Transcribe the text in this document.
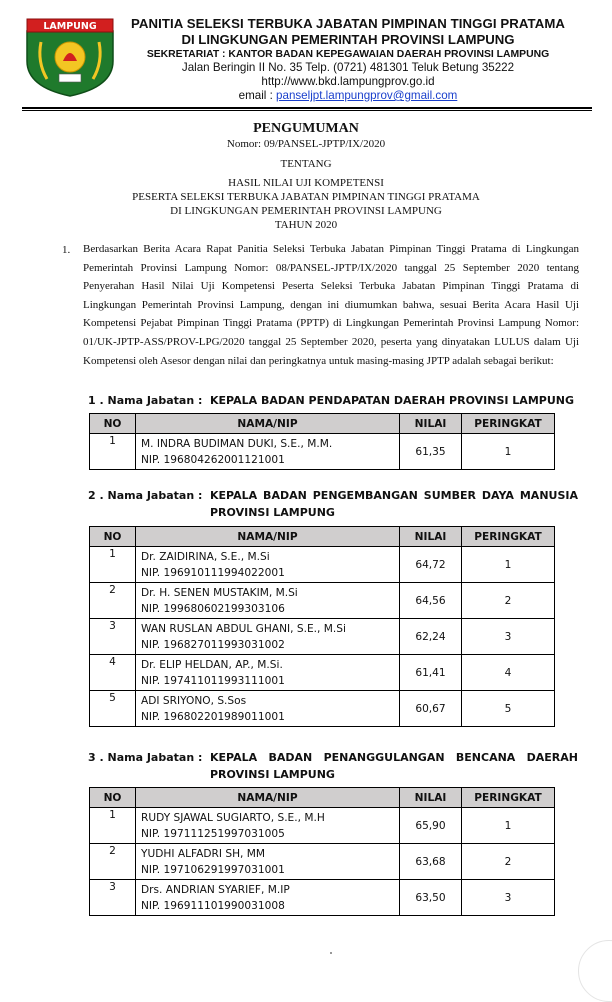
LAMPUNG	PANITIA SELEKSI TERBUKA JABATAN PIMPINAN TINGGI PRATAMA
DI LINGKUNGAN PEMERINTAH PROVINSI LAMPUNG
SEKRETARIAT : KANTOR BADAN KEPEGAWAIAN DAERAH PROVINSI LAMPUNG
Jalan Beringin II No. 35 Telp. (0721) 481301 Teluk Betung 35222
http://www.bkd.lampungprov.go.id
email : panseljpt.lampungprov@gmail.com
PENGUMUMAN
Nomor: 09/PANSEL-JPTP/IX/2020
TENTANG
HASIL NILAI UJI KOMPETENSI
PESERTA SELEKSI TERBUKA JABATAN PIMPINAN TINGGI PRATAMA
DI LINGKUNGAN PEMERINTAH PROVINSI LAMPUNG
TAHUN 2020
1. Berdasarkan Berita Acara Rapat Panitia Seleksi Terbuka Jabatan Pimpinan Tinggi Pratama di Lingkungan Pemerintah Provinsi Lampung Nomor: 08/PANSEL-JPTP/IX/2020 tanggal 25 September 2020 tentang Penyerahan Hasil Nilai Uji Kompetensi Peserta Seleksi Terbuka Jabatan Pimpinan Tinggi Pratama di Lingkungan Pemerintah Provinsi Lampung, dengan ini diumumkan bahwa, sesuai Berita Acara Hasil Uji Kompetensi Pejabat Pimpinan Tinggi Pratama (PPTP) di Lingkungan Pemerintah Provinsi Lampung Nomor: 01/UK-JPTP-ASS/PROV-LPG/2020 tanggal 25 September 2020, peserta yang dinyatakan LULUS dalam Uji Kompetensi oleh Asesor dengan nilai dan peringkatnya untuk masing-masing JPTP adalah sebagai berikut:
1 . Nama Jabatan : KEPALA BADAN PENDAPATAN DAERAH PROVINSI LAMPUNG
NO	NAMA/NIP	NILAI	PERINGKAT
1	M. INDRA BUDIMAN DUKI, S.E., M.M.
NIP. 196804262001121001	61,35	1
2 . Nama Jabatan : KEPALA BADAN PENGEMBANGAN SUMBER DAYA MANUSIA
PROVINSI LAMPUNG
NO	NAMA/NIP	NILAI	PERINGKAT
1	Dr. ZAIDIRINA, S.E., M.Si
NIP. 196910111994022001	64,72	1
2	Dr. H. SENEN MUSTAKIM, M.Si
NIP. 199680602199303106	64,56	2
3	WAN RUSLAN ABDUL GHANI, S.E., M.Si
NIP. 196827011993031002	62,24	3
4	Dr. ELIP HELDAN, AP., M.Si.
NIP. 197411011993111001	61,41	4
5	ADI SRIYONO, S.Sos
NIP. 196802201989011001	60,67	5
3 . Nama Jabatan : KEPALA BADAN PENANGGULANGAN BENCANA DAERAH
PROVINSI LAMPUNG
NO	NAMA/NIP	NILAI	PERINGKAT
1	RUDY SJAWAL SUGIARTO, S.E., M.H
NIP. 197111251997031005	65,90	1
2	YUDHI ALFADRI SH, MM
NIP. 197106291997031001	63,68	2
3	Drs. ANDRIAN SYARIEF, M.IP
NIP. 196911101990031008	63,50	3
